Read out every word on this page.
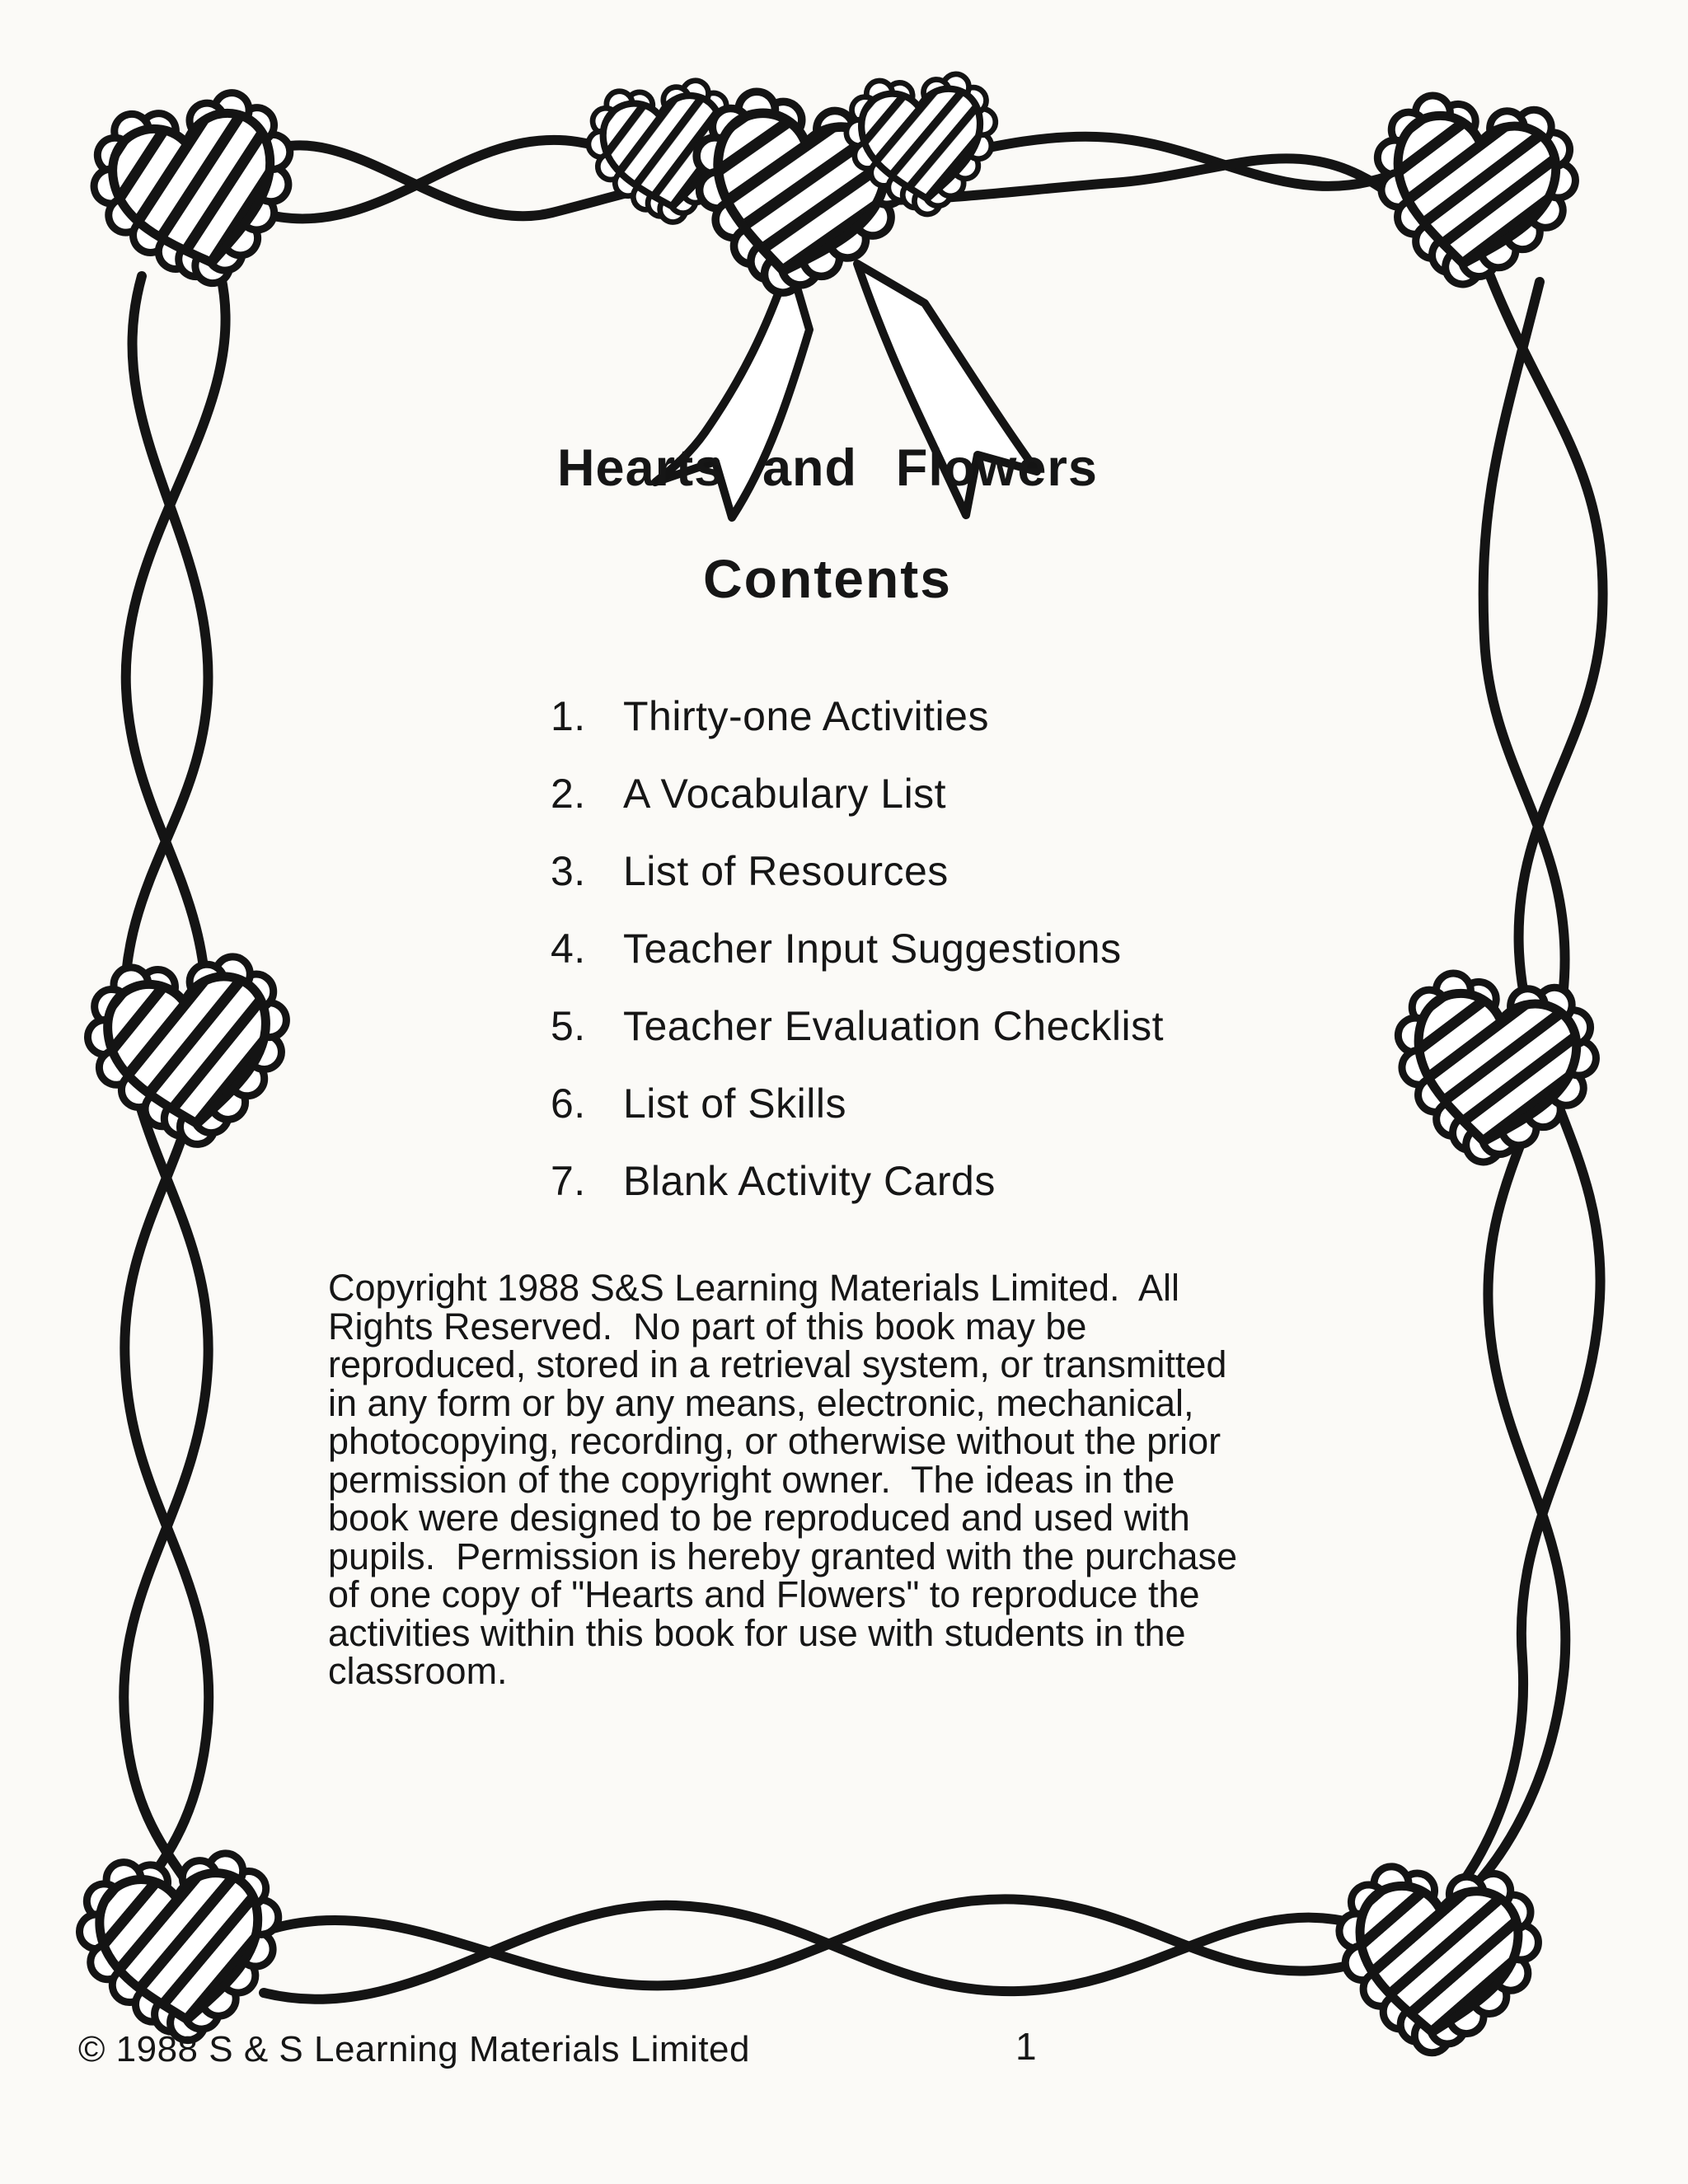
Hearts and Flowers
Contents
1. Thirty-one Activities
2. A Vocabulary List
3. List of Resources
4. Teacher Input Suggestions
5. Teacher Evaluation Checklist
6. List of Skills
7. Blank Activity Cards
Copyright 1988 S&S Learning Materials Limited.  All
Rights Reserved.  No part of this book may be
reproduced, stored in a retrieval system, or transmitted
in any form or by any means, electronic, mechanical,
photocopying, recording, or otherwise without the prior
permission of the copyright owner.  The ideas in the
book were designed to be reproduced and used with
pupils.  Permission is hereby granted with the purchase
of one copy of "Hearts and Flowers" to reproduce the
activities within this book for use with students in the
classroom.
© 1988 S & S Learning Materials Limited	1
